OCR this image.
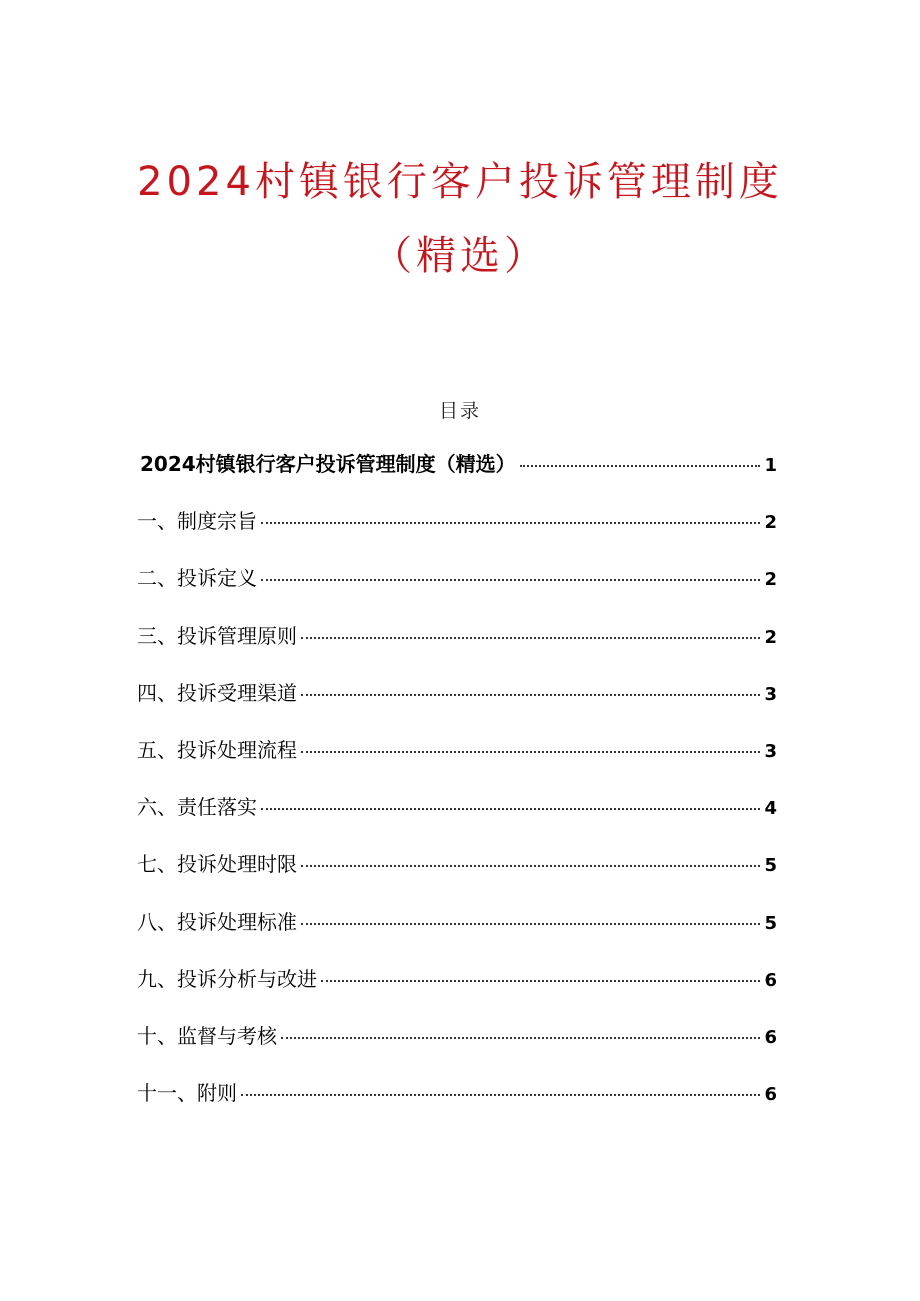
2024村镇银行客户投诉管理制度
（精选）
目录
2024村镇银行客户投诉管理制度（精选）	1
一、制度宗旨	2
二、投诉定义	2
三、投诉管理原则	2
四、投诉受理渠道	3
五、投诉处理流程	3
六、责任落实	4
七、投诉处理时限	5
八、投诉处理标准	5
九、投诉分析与改进	6
十、监督与考核	6
十一、附则	6
